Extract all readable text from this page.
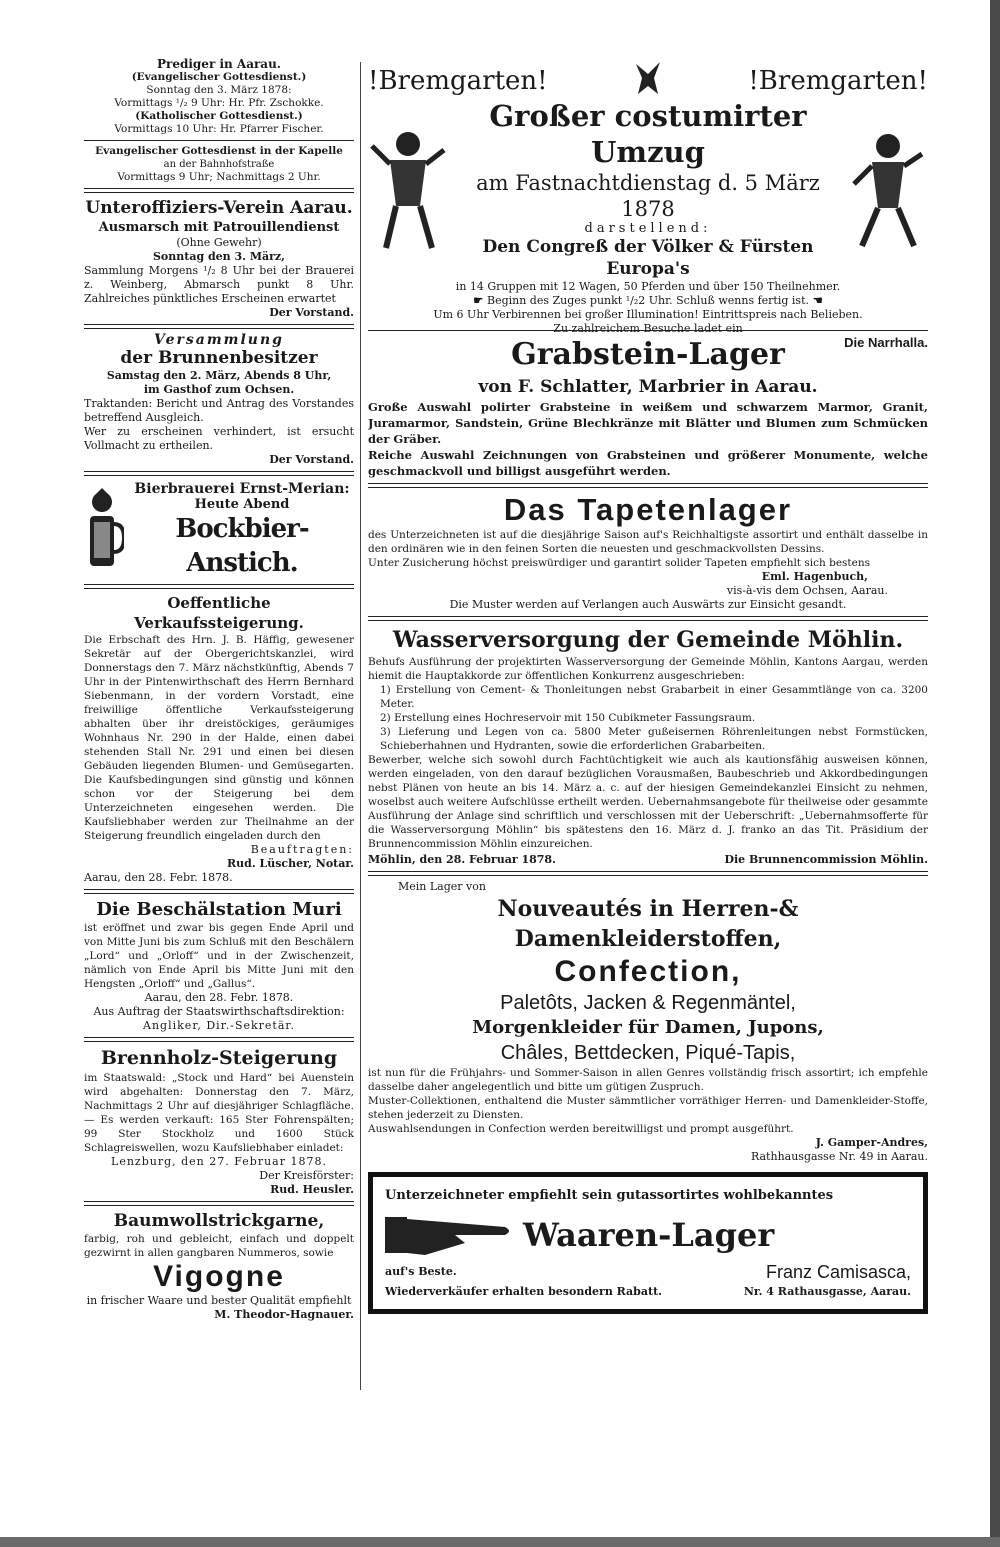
Prediger in Aarau.
(Evangelischer Gottesdienst.)
Sonntag den 3. März 1878:
Vormittags ¹/₂ 9 Uhr: Hr. Pfr. Zschokke.
(Katholischer Gottesdienst.)
Vormittags 10 Uhr: Hr. Pfarrer Fischer.
Evangelischer Gottesdienst in der Kapelle
an der Bahnhofstraße
Vormittags 9 Uhr; Nachmittags 2 Uhr.
Unteroffiziers-Verein Aarau.
Ausmarsch mit Patrouillendienst
(Ohne Gewehr)
Sonntag den 3. März,
Sammlung Morgens ¹/₂ 8 Uhr bei der Brauerei z. Weinberg, Abmarsch punkt 8 Uhr. Zahlreiches pünktliches Erscheinen erwartet
Der Vorstand.
Versammlung
der Brunnenbesitzer
Samstag den 2. März, Abends 8 Uhr,
im Gasthof zum Ochsen.
Traktanden: Bericht und Antrag des Vorstandes betreffend Ausgleich.
Wer zu erscheinen verhindert, ist ersucht Vollmacht zu ertheilen.
Der Vorstand.
Bierbrauerei Ernst-Merian:
Heute Abend
Bockbier-Anstich.
Oeffentliche Verkaufssteigerung.
Die Erbschaft des Hrn. J. B. Häffig, gewesener Sekretär auf der Obergerichtskanzlei, wird Donnerstags den 7. März nächstkünftig, Abends 7 Uhr in der Pintenwirthschaft des Herrn Bernhard Siebenmann, in der vordern Vorstadt, eine freiwillige öffentliche Verkaufssteigerung abhalten über ihr dreistöckiges, geräumiges Wohnhaus Nr. 290 in der Halde, einen dabei stehenden Stall Nr. 291 und einen bei diesen Gebäuden liegenden Blumen- und Gemüsegarten. Die Kaufsbedingungen sind günstig und können schon vor der Steigerung bei dem Unterzeichneten eingesehen werden. Die Kaufsliebhaber werden zur Theilnahme an der Steigerung freundlich eingeladen durch den
Beauftragten:
Rud. Lüscher, Notar.
Aarau, den 28. Febr. 1878.
Die Beschälstation Muri
ist eröffnet und zwar bis gegen Ende April und von Mitte Juni bis zum Schluß mit den Beschälern „Lord“ und „Orloff“ und in der Zwischenzeit, nämlich von Ende April bis Mitte Juni mit den Hengsten „Orloff“ und „Gallus“.
Aarau, den 28. Febr. 1878.
Aus Auftrag der Staatswirthschaftsdirektion:
Angliker, Dir.-Sekretär.
Brennholz-Steigerung
im Staatswald: „Stock und Hard“ bei Auenstein wird abgehalten: Donnerstag den 7. März, Nachmittags 2 Uhr auf diesjähriger Schlagfläche. — Es werden verkauft: 165 Ster Fohrenspälten; 99 Ster Stockholz und 1600 Stück Schlagreiswellen, wozu Kaufsliebhaber einladet:
Lenzburg, den 27. Februar 1878.
Der Kreisförster:
Rud. Heusler.
Baumwollstrickgarne,
farbig, roh und gebleicht, einfach und doppelt gezwirnt in allen gangbaren Nummeros, sowie
Vigogne
in frischer Waare und bester Qualität empfiehlt
M. Theodor-Hagnauer.
!Bremgarten!	!Bremgarten!
Großer costumirter Umzug
am Fastnachtdienstag d. 5 März 1878
darstellend:
Den Congreß der Völker & Fürsten Europa's
in 14 Gruppen mit 12 Wagen, 50 Pferden und über 150 Theilnehmer.
☛ Beginn des Zuges punkt ¹/₂2 Uhr. Schluß wenns fertig ist. ☚
Um 6 Uhr Verbirennen bei großer Illumination! Eintrittspreis nach Belieben.
Zu zahlreichem Besuche ladet ein
Die Narrhalla.
Grabstein-Lager
von F. Schlatter, Marbrier in Aarau.
Große Auswahl polirter Grabsteine in weißem und schwarzem Marmor, Granit, Juramarmor, Sandstein, Grüne Blechkränze mit Blätter und Blumen zum Schmücken der Gräber.
Reiche Auswahl Zeichnungen von Grabsteinen und größerer Monumente, welche geschmackvoll und billigst ausgeführt werden.
Das Tapetenlager
des Unterzeichneten ist auf die diesjährige Saison auf's Reichhaltigste assortirt und enthält dasselbe in den ordinären wie in den feinen Sorten die neuesten und geschmackvollsten Dessins.
Unter Zusicherung höchst preiswürdiger und garantirt solider Tapeten empfiehlt sich bestens
Eml. Hagenbuch,
vis-à-vis dem Ochsen, Aarau.
Die Muster werden auf Verlangen auch Auswärts zur Einsicht gesandt.
Wasserversorgung der Gemeinde Möhlin.
Behufs Ausführung der projektirten Wasserversorgung der Gemeinde Möhlin, Kantons Aargau, werden hiemit die Hauptakkorde zur öffentlichen Konkurrenz ausgeschrieben:
1) Erstellung von Cement- & Thonleitungen nebst Grabarbeit in einer Gesammtlänge von ca. 3200 Meter.
2) Erstellung eines Hochreservoir mit 150 Cubikmeter Fassungsraum.
3) Lieferung und Legen von ca. 5800 Meter gußeisernen Röhrenleitungen nebst Formstücken, Schieberhahnen und Hydranten, sowie die erforderlichen Grabarbeiten.
Bewerber, welche sich sowohl durch Fachtüchtigkeit wie auch als kautionsfähig ausweisen können, werden eingeladen, von den darauf bezüglichen Vorausmaßen, Baubeschrieb und Akkordbedingungen nebst Plänen von heute an bis 14. März a. c. auf der hiesigen Gemeindekanzlei Einsicht zu nehmen, woselbst auch weitere Aufschlüsse ertheilt werden. Uebernahmsangebote für theilweise oder gesammte Ausführung der Anlage sind schriftlich und verschlossen mit der Ueberschrift: „Uebernahmsofferte für die Wasserversorgung Möhlin“ bis spätestens den 16. März d. J. franko an das Tit. Präsidium der Brunnencommission Möhlin einzureichen.
Möhlin, den 28. Februar 1878.	Die Brunnencommission Möhlin.
Mein Lager von
Nouveautés in Herren-& Damenkleiderstoffen,
Confection,
Paletôts, Jacken & Regenmäntel,
Morgenkleider für Damen, Jupons,
Châles, Bettdecken, Piqué-Tapis,
ist nun für die Frühjahrs- und Sommer-Saison in allen Genres vollständig frisch assortirt; ich empfehle dasselbe daher angelegentlich und bitte um gütigen Zuspruch.
Muster-Collektionen, enthaltend die Muster sämmtlicher vorräthiger Herren- und Damenkleider-Stoffe, stehen jederzeit zu Diensten.
Auswahlsendungen in Confection werden bereitwilligst und prompt ausgeführt.
J. Gamper-Andres,
Rathhausgasse Nr. 49 in Aarau.
Unterzeichneter empfiehlt sein gutassortirtes wohlbekanntes
Waaren-Lager
auf's Beste.	Franz Camisasca,
Wiederverkäufer erhalten besondern Rabatt.	Nr. 4 Rathausgasse, Aarau.
